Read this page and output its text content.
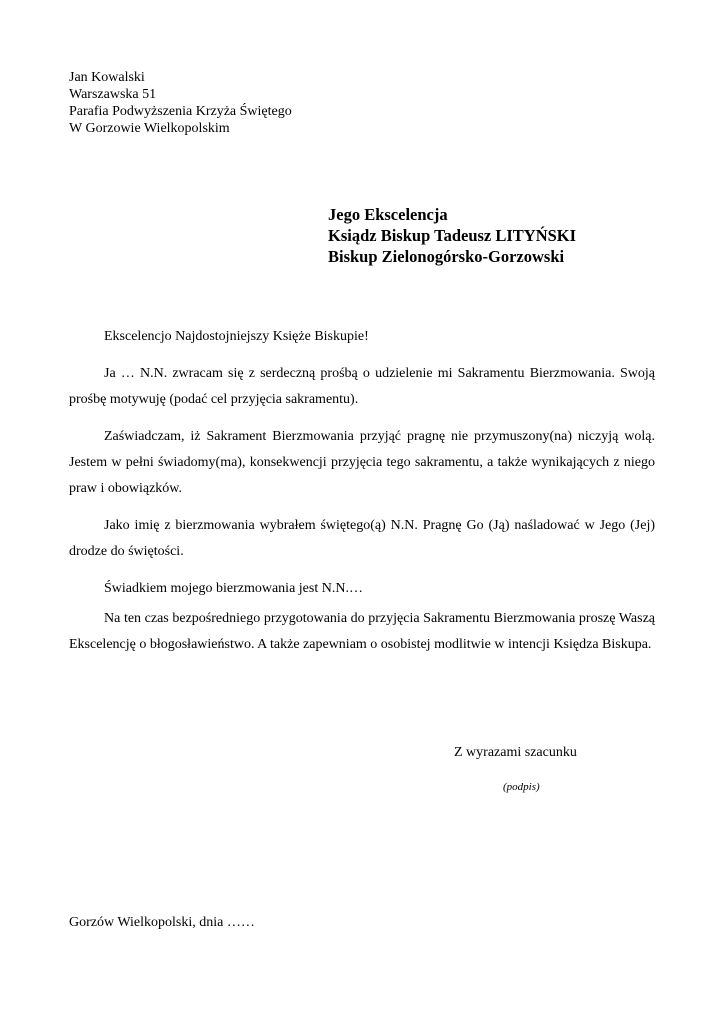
Jan Kowalski
Warszawska 51
Parafia Podwyższenia Krzyża Świętego
W Gorzowie Wielkopolskim
Jego Ekscelencja
Ksiądz Biskup Tadeusz LITYŃSKI
Biskup Zielonogórsko-Gorzowski

Ekscelencjo Najdostojniejszy Księże Biskupie!

Ja … N.N. zwracam się z serdeczną prośbą o udzielenie mi Sakramentu Bierzmowania. Swoją prośbę motywuję (podać cel przyjęcia sakramentu).

Zaświadczam, iż Sakrament Bierzmowania przyjąć pragnę nie przymuszony(na) niczyją wolą. Jestem w pełni świadomy(ma), konsekwencji przyjęcia tego sakramentu, a także wynikających z niego praw i obowiązków.

Jako imię z bierzmowania wybrałem świętego(ą) N.N. Pragnę Go (Ją) naśladować w Jego (Jej) drodze do świętości.

Świadkiem mojego bierzmowania jest N.N.…

Na ten czas bezpośredniego przygotowania do przyjęcia Sakramentu Bierzmowania proszę Waszą Ekscelencję o błogosławieństwo. A także zapewniam o osobistej modlitwie w intencji Księdza Biskupa.

Z wyrazami szacunku
(podpis)
Gorzów Wielkopolski, dnia ……
